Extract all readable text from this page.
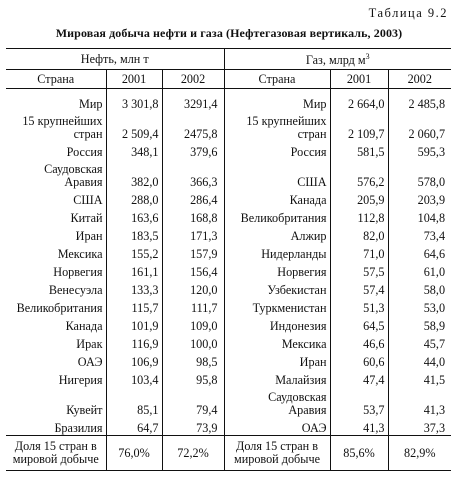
Таблица 9.2
Мировая добыча нефти и газа (Нефтегазовая вертикаль, 2003)
Нефть, млн т			Газ, млрд $м^3$
Страна	2001	2002	Страна	2001	2002
Мир	3 301,8	3291,4	Мир	2 664,0	2 485,8
15 крупнейших стран	2 509,4	2475,8	15 крупнейших стран	2 109,7	2 060,7
Россия	348,1	379,6	Россия	581,5	595,3
Саудовская Аравия	382,0	366,3	США	576,2	578,0
США	288,0	286,4	Канада	205,9	203,9
Китай	163,6	168,8	Великобритания	112,8	104,8
Иран	183,5	171,3	Алжир	82,0	73,4
Мексика	155,2	157,9	Нидерланды	71,0	64,6
Норвегия	161,1	156,4	Норвегия	57,5	61,0
Венесуэла	133,3	120,0	Узбекистан	57,4	58,0
Великобритания	115,7	111,7	Туркменистан	51,3	53,0
Канада	101,9	109,0	Индонезия	64,5	58,9
Ирак	116,9	100,0	Мексика	46,6	45,7
ОАЭ	106,9	98,5	Иран	60,6	44,0
Нигерия	103,4	95,8	Малайзия	47,4	41,5
Кувейт	85,1	79,4	Саудовская Аравия	53,7	41,3
Бразилия	64,7	73,9	ОАЭ	41,3	37,3
Доля 15 стран в мировой добыче	76,0%	72,2%	Доля 15 стран в мировой добыче	85,6%	82,9%
